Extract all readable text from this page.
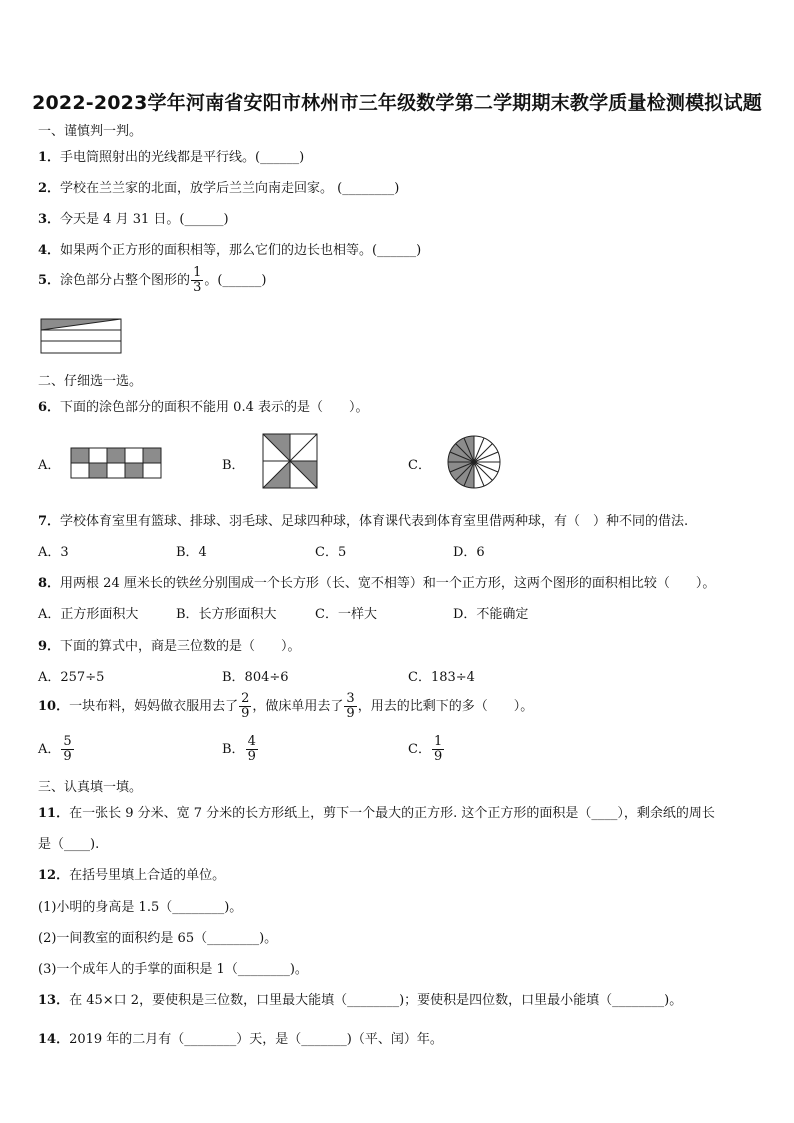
2022-2023学年河南省安阳市林州市三年级数学第二学期期末教学质量检测模拟试题
一、谨慎判一判。
1．手电筒照射出的光线都是平行线。(______)
2．学校在兰兰家的北面，放学后兰兰向南走回家。 (________)
3．今天是 4 月 31 日。(______)
4．如果两个正方形的面积相等，那么它们的边长也相等。(______)
5．涂色部分占整个图形的 $\frac{1}{3}$ 。(______)
二、仔细选一选。
6．下面的涂色部分的面积不能用 0.4 表示的是（　　）。
A．	B．	C．
7．学校体育室里有篮球、排球、羽毛球、足球四种球，体育课代表到体育室里借两种球，有（　）种不同的借法.
A．3	B．4	C．5	D．6
8．用两根 24 厘米长的铁丝分别围成一个长方形（长、宽不相等）和一个正方形，这两个图形的面积相比较（　　）。
A．正方形面积大	B．长方形面积大	C．一样大	D．不能确定
9．下面的算式中，商是三位数的是（　　）。
A．257÷5	B．804÷6	C．183÷4
10．一块布料，妈妈做衣服用去了 $\frac{2}{9}$ ，做床单用去了 $\frac{3}{9}$ ，用去的比剩下的多（　　）。
A． $\frac{5}{9}$	B． $\frac{4}{9}$	C． $\frac{1}{9}$
三、认真填一填。
11．在一张长 9 分米、宽 7 分米的长方形纸上，剪下一个最大的正方形. 这个正方形的面积是（____），剩余纸的周长
是（____).
12．在括号里填上合适的单位。
(1)小明的身高是 1.5（________)。
(2)一间教室的面积约是 65（________)。
(3)一个成年人的手掌的面积是 1（________)。
13．在 45×口 2，要使积是三位数，口里最大能填（________)；要使积是四位数，口里最小能填（________)。
14．2019 年的二月有（________）天，是（_______)（平、闰）年。
